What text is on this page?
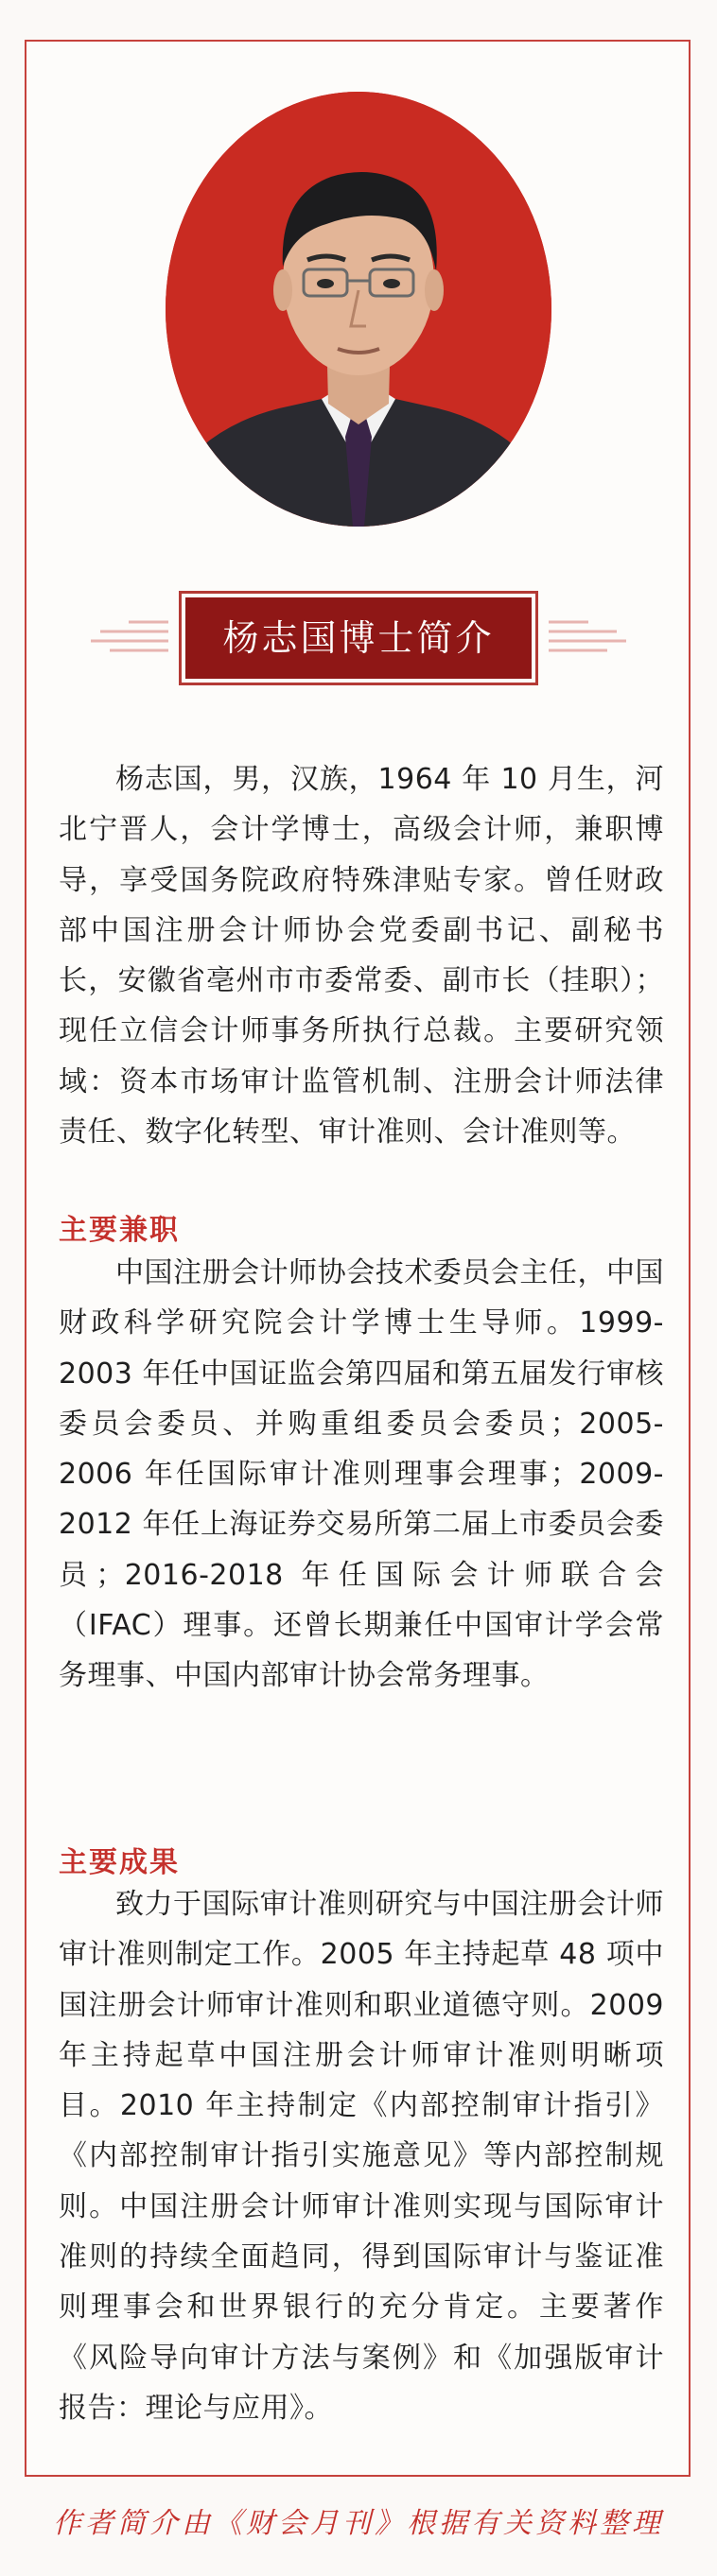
杨志国博士简介

杨志国，男，汉族，1964 年 10 月生，河北宁晋人，会计学博士，高级会计师，兼职博导，享受国务院政府特殊津贴专家。曾任财政部中国注册会计师协会党委副书记、副秘书长，安徽省亳州市市委常委、副市长（挂职）；现任立信会计师事务所执行总裁。主要研究领域：资本市场审计监管机制、注册会计师法律责任、数字化转型、审计准则、会计准则等。

主要兼职

中国注册会计师协会技术委员会主任，中国财政科学研究院会计学博士生导师。1999-2003 年任中国证监会第四届和第五届发行审核委员会委员、并购重组委员会委员；2005-2006 年任国际审计准则理事会理事；2009-2012 年任上海证券交易所第二届上市委员会委员；2016-2018 年任国际会计师联合会（IFAC）理事。还曾长期兼任中国审计学会常务理事、中国内部审计协会常务理事。

主要成果

致力于国际审计准则研究与中国注册会计师审计准则制定工作。2005 年主持起草 48 项中国注册会计师审计准则和职业道德守则。2009 年主持起草中国注册会计师审计准则明晰项目。2010 年主持制定《内部控制审计指引》《内部控制审计指引实施意见》等内部控制规则。中国注册会计师审计准则实现与国际审计准则的持续全面趋同，得到国际审计与鉴证准则理事会和世界银行的充分肯定。主要著作《风险导向审计方法与案例》和《加强版审计报告：理论与应用》。

作者简介由《财会月刊》根据有关资料整理
